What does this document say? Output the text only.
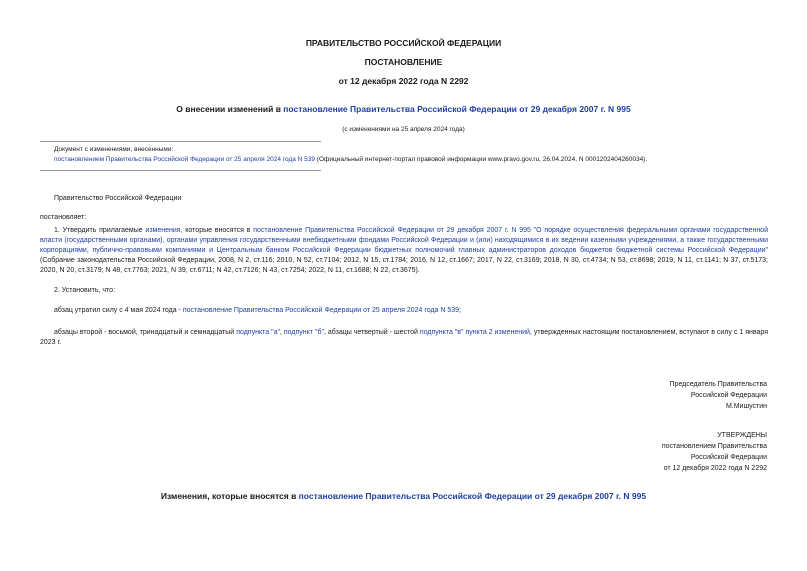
ПРАВИТЕЛЬСТВО РОССИЙСКОЙ ФЕДЕРАЦИИ
ПОСТАНОВЛЕНИЕ
от 12 декабря 2022 года N 2292
О внесении изменений в постановление Правительства Российской Федерации от 29 декабря 2007 г. N 995
(с изменениями на 25 апреля 2024 года)
Документ с изменениями, внесенными:
постановлением Правительства Российской Федерации от 25 апреля 2024 года N 539 (Официальный интернет-портал правовой информации www.pravo.gov.ru, 26.04.2024, N 0001202404260034).
Правительство Российской Федерации
постановляет:
1. Утвердить прилагаемые изменения, которые вносятся в постановление Правительства Российской Федерации от 29 декабря 2007 г. N 995 "О порядке осуществления федеральными органами государственной власти (государственными органами), органами управления государственными внебюджетными фондами Российской Федерации и (или) находящимися в их ведении казенными учреждениями, а также государственными корпорациями, публично-правовыми компаниями и Центральным банком Российской Федерации бюджетных полномочий главных администраторов доходов бюджетов бюджетной системы Российской Федерации" (Собрание законодательства Российской Федерации, 2008, N 2, ст.116; 2010, N 52, ст.7104; 2012, N 15, ст.1784; 2016, N 12, ст.1667; 2017, N 22, ст.3169; 2018, N 30, ст.4734; N 53, ст.8698; 2019, N 11, ст.1141; N 37, ст.5173; 2020, N 20, ст.3179; N 48, ст.7763; 2021, N 39, ст.6711; N 42, ст.7126; N 43, ст.7254; 2022, N 11, ст.1688; N 22, ст.3675).
2. Установить, что:
абзац утратил силу с 4 мая 2024 года - постановление Правительства Российской Федерации от 25 апреля 2024 года N 539;
абзацы второй - восьмой, тринадцатый и семнадцатый подпункта "а", подпункт "б", абзацы четвертый - шестой подпункта "в" пункта 2 изменений, утвержденных настоящим постановлением, вступают в силу с 1 января 2023 г.
Председатель Правительства
Российской Федерации
М.Мишустин
УТВЕРЖДЕНЫ
постановлением Правительства
Российской Федерации
от 12 декабря 2022 года N 2292
Изменения, которые вносятся в постановление Правительства Российской Федерации от 29 декабря 2007 г. N 995
